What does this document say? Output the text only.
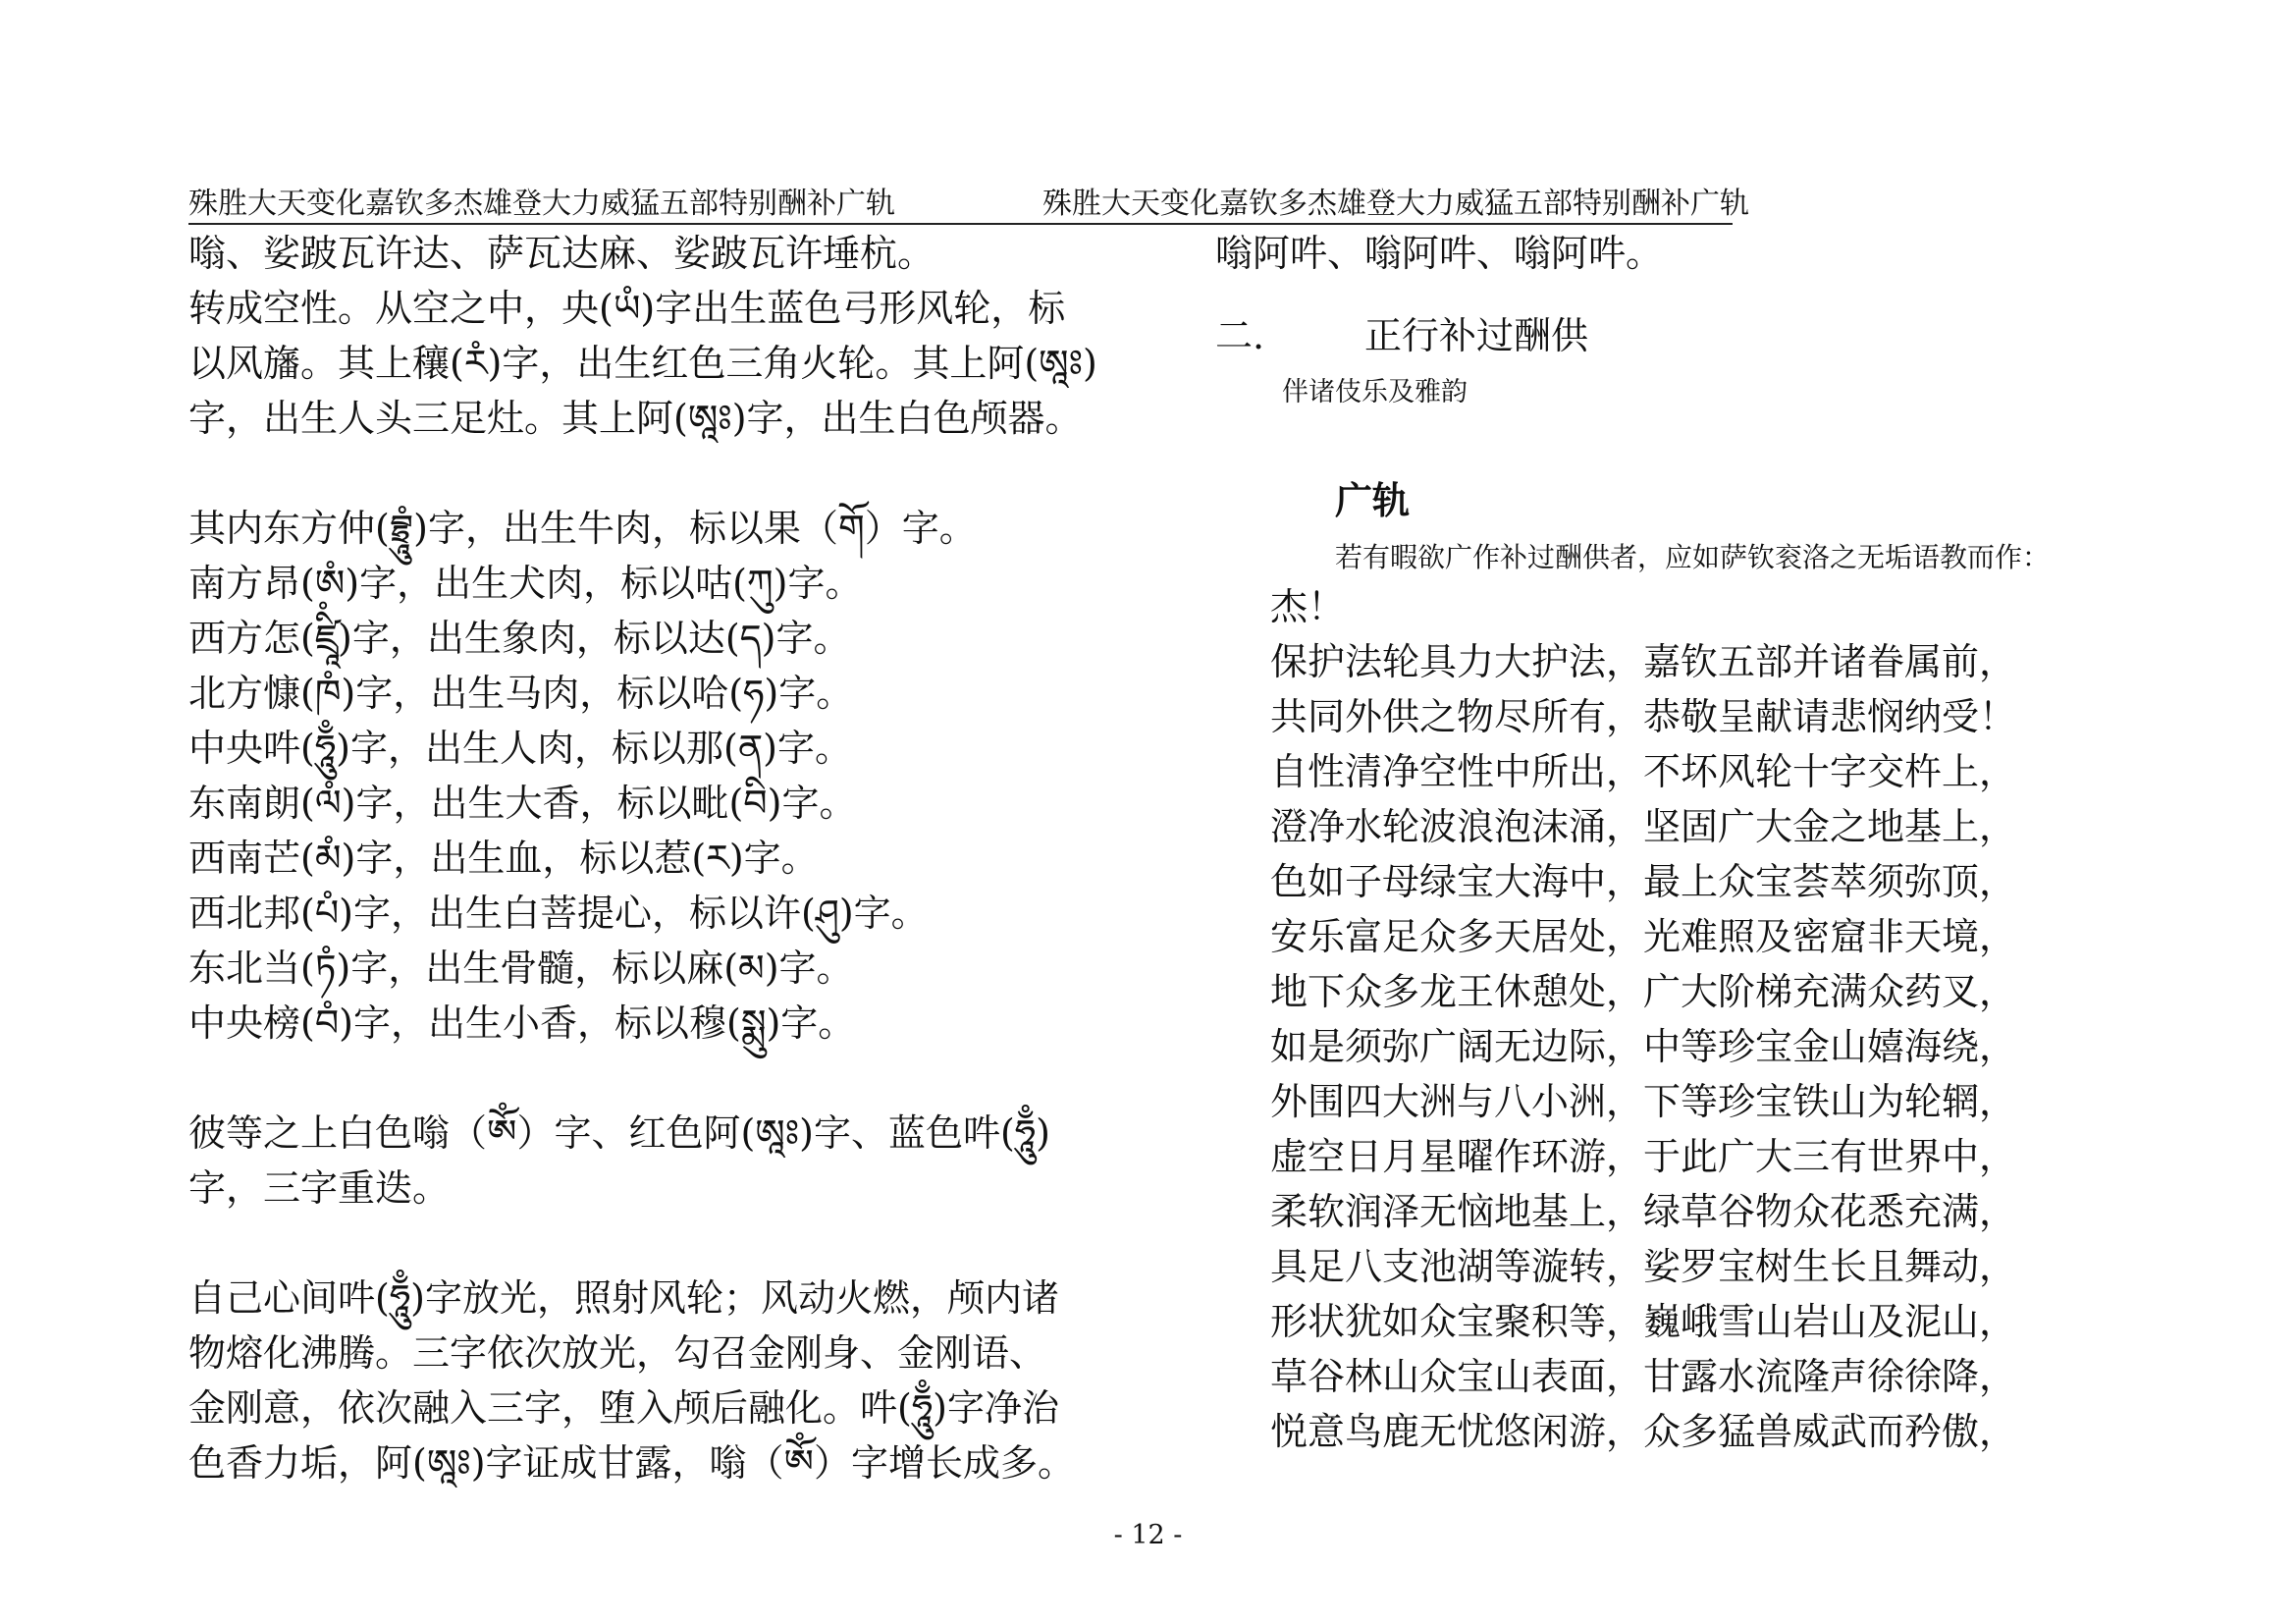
殊胜大天变化嘉钦多杰雄登大力威猛五部特别酬补广轨	殊胜大天变化嘉钦多杰雄登大力威猛五部特别酬补广轨
嗡、娑跛瓦许达、萨瓦达麻、娑跛瓦许埵杭。
转成空性。从空之中，央(ཡཾ)字出生蓝色弓形风轮，标
以风旛。其上穰(རཾ)字，出生红色三角火轮。其上阿(ཨཱཿ)
字，出生人头三足灶。其上阿(ཨཱཿ)字，出生白色颅器。
其内东方仲(བྷྲཱུཾ)字，出生牛肉，标以果（གོ）字。
南方昂(ཨཾ)字，出生犬肉，标以咕(ཀུ)字。
西方怎(ཛྲཱིཾ)字，出生象肉，标以达(ད)字。
北方慷(ཁཾ)字，出生马肉，标以哈(ཧ)字。
中央吽(ཧཱུྃ)字，出生人肉，标以那(ན)字。
东南朗(ལཾ)字，出生大香，标以毗(བི)字。
西南芒(མཾ)字，出生血，标以惹(ར)字。
西北邦(པཾ)字，出生白菩提心，标以许(ཤུ)字。
东北当(ཏཾ)字，出生骨髓，标以麻(མ)字。
中央榜(བཾ)字，出生小香，标以穆(སྨུ)字。
彼等之上白色嗡（ཨོཾ）字、红色阿(ཨཱཿ)字、蓝色吽(ཧཱུྃ)
字，三字重迭。
自己心间吽(ཧཱུྃ)字放光，照射风轮；风动火燃，颅内诸
物熔化沸腾。三字依次放光，勾召金刚身、金刚语、
金刚意，依次融入三字，堕入颅后融化。吽(ཧཱུྃ)字净治
色香力垢，阿(ཨཱཿ)字证成甘露，嗡（ཨོཾ）字增长成多。
嗡阿吽、嗡阿吽、嗡阿吽。
二.	正行补过酬供
伴诸伎乐及雅韵
广轨
若有暇欲广作补过酬供者，应如萨钦衮洛之无垢语教而作：
杰！
保护法轮具力大护法，嘉钦五部并诸眷属前，
共同外供之物尽所有，恭敬呈献请悲悯纳受！
自性清净空性中所出，不坏风轮十字交杵上，
澄净水轮波浪泡沫涌，坚固广大金之地基上，
色如子母绿宝大海中，最上众宝荟萃须弥顶，
安乐富足众多天居处，光难照及密窟非天境，
地下众多龙王休憩处，广大阶梯充满众药叉，
如是须弥广阔无边际，中等珍宝金山嬉海绕，
外围四大洲与八小洲，下等珍宝铁山为轮辋，
虚空日月星曜作环游，于此广大三有世界中，
柔软润泽无恼地基上，绿草谷物众花悉充满，
具足八支池湖等漩转，娑罗宝树生长且舞动，
形状犹如众宝聚积等，巍峨雪山岩山及泥山，
草谷林山众宝山表面，甘露水流隆声徐徐降，
悦意鸟鹿无忧悠闲游，众多猛兽威武而矜傲，
- 12 -
